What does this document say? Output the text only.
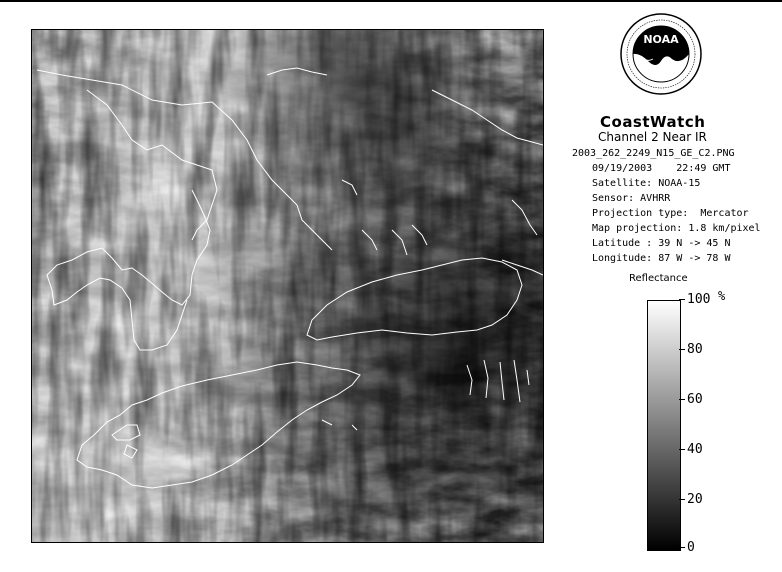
NOAA
CoastWatch
Channel 2 Near IR
2003_262_2249_N15_GE_C2.PNG
09/19/2003    22:49 GMT
Satellite: NOAA-15
Sensor: AVHRR
Projection type:  Mercator
Map projection: 1.8 km/pixel
Latitude : 39 N -> 45 N
Longitude: 87 W -> 78 W
Reflectance
%
100
80
60
40
20
0
